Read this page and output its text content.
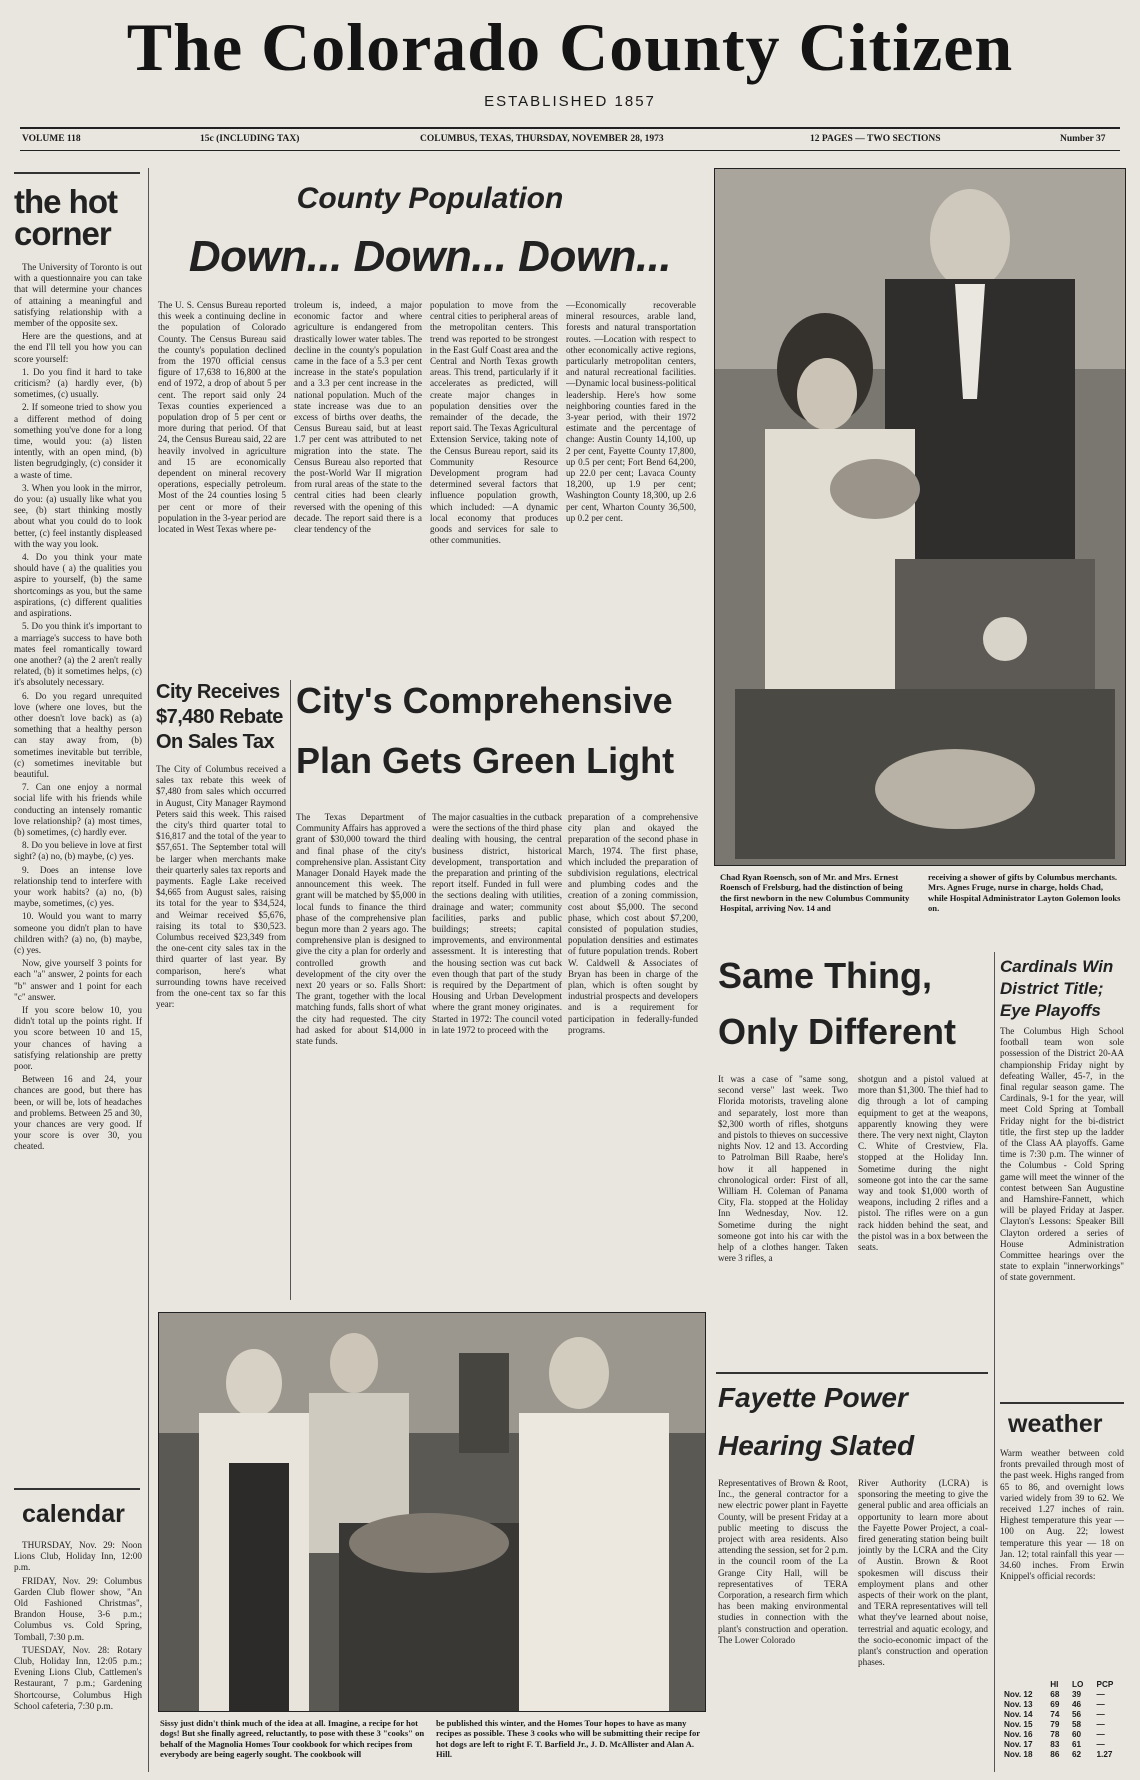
The Colorado County Citizen
ESTABLISHED 1857
VOLUME 118	15c (INCLUDING TAX)	COLUMBUS, TEXAS, THURSDAY, NOVEMBER 28, 1973	12 PAGES — TWO SECTIONS	Number 37
the hot corner

The University of Toronto is out with a questionnaire you can take that will determine your chances of attaining a meaningful and satisfying relationship with a member of the opposite sex.

Here are the questions, and at the end I'll tell you how you can score yourself:

1. Do you find it hard to take criticism? (a) hardly ever, (b) sometimes, (c) usually.

2. If someone tried to show you a different method of doing something you've done for a long time, would you: (a) listen intently, with an open mind, (b) listen begrudgingly, (c) consider it a waste of time.

3. When you look in the mirror, do you: (a) usually like what you see, (b) start thinking mostly about what you could do to look better, (c) feel instantly displeased with the way you look.

4. Do you think your mate should have ( a) the qualities you aspire to yourself, (b) the same shortcomings as you, but the same aspirations, (c) different qualities and aspirations.

5. Do you think it's important to a marriage's success to have both mates feel romantically toward one another? (a) the 2 aren't really related, (b) it sometimes helps, (c) it's absolutely necessary.

6. Do you regard unrequited love (where one loves, but the other doesn't love back) as (a) something that a healthy person can stay away from, (b) sometimes inevitable but terrible, (c) sometimes inevitable but beautiful.

7. Can one enjoy a normal social life with his friends while conducting an intensely romantic love relationship? (a) most times, (b) sometimes, (c) hardly ever.

8. Do you believe in love at first sight? (a) no, (b) maybe, (c) yes.

9. Does an intense love relationship tend to interfere with your work habits? (a) no, (b) maybe, sometimes, (c) yes.

10. Would you want to marry someone you didn't plan to have children with? (a) no, (b) maybe, (c) yes.

Now, give yourself 3 points for each "a" answer, 2 points for each "b" answer and 1 point for each "c" answer.

If you score below 10, you didn't total up the points right. If you score between 10 and 15, your chances of having a satisfying relationship are pretty poor.

Between 16 and 24, your chances are good, but there has been, or will be, lots of headaches and problems. Between 25 and 30, your chances are very good. If your score is over 30, you cheated.

calendar

THURSDAY, Nov. 29: Noon Lions Club, Holiday Inn, 12:00 p.m.

FRIDAY, Nov. 29: Columbus Garden Club flower show, "An Old Fashioned Christmas", Brandon House, 3-6 p.m.; Columbus vs. Cold Spring, Tomball, 7:30 p.m.

TUESDAY, Nov. 28: Rotary Club, Holiday Inn, 12:05 p.m.; Evening Lions Club, Cattlemen's Restaurant, 7 p.m.; Gardening Shortcourse, Columbus High School cafeteria, 7:30 p.m.

County Population
Down... Down... Down...
The U. S. Census Bureau reported this week a continuing decline in the population of Colorado County. The Census Bureau said the county's population declined from the 1970 official census figure of 17,638 to 16,800 at the end of 1972, a drop of about 5 per cent. The report said only 24 Texas counties experienced a population drop of 5 per cent or more during that period. Of that 24, the Census Bureau said, 22 are heavily involved in agriculture and 15 are economically dependent on mineral recovery operations, especially petroleum. Most of the 24 counties losing 5 per cent or more of their population in the 3-year period are located in West Texas where pe-
troleum is, indeed, a major economic factor and where agriculture is endangered from drastically lower water tables. The decline in the county's population came in the face of a 5.3 per cent increase in the state's population and a 3.3 per cent increase in the national population. Much of the state increase was due to an excess of births over deaths, the Census Bureau said, but at least 1.7 per cent was attributed to net migration into the state. The Census Bureau also reported that the post-World War II migration from rural areas of the state to the central cities had been clearly reversed with the opening of this decade. The report said there is a clear tendency of the
population to move from the central cities to peripheral areas of the metropolitan centers. This trend was reported to be strongest in the East Gulf Coast area and the Central and North Texas growth areas. This trend, particularly if it accelerates as predicted, will create major changes in population densities over the remainder of the decade, the report said. The Texas Agricultural Extension Service, taking note of the Census Bureau report, said its Community Resource Development program had determined several factors that influence population growth, which included: —A dynamic local economy that produces goods and services for sale to other communities.
—Economically recoverable mineral resources, arable land, forests and natural transportation routes. —Location with respect to other economically active regions, particularly metropolitan centers, and natural recreational facilities. —Dynamic local business-political leadership. Here's how some neighboring counties fared in the 3-year period, with their 1972 estimate and the percentage of change: Austin County 14,100, up 2 per cent, Fayette County 17,800, up 0.5 per cent; Fort Bend 64,200, up 22.0 per cent; Lavaca County 18,200, up 1.9 per cent; Washington County 18,300, up 2.6 per cent, Wharton County 36,500, up 0.2 per cent.
City Receives $7,480 Rebate On Sales Tax
The City of Columbus received a sales tax rebate this week of $7,480 from sales which occurred in August, City Manager Raymond Peters said this week. This raised the city's third quarter total to $16,817 and the total of the year to $57,651. The September total will be larger when merchants make their quarterly sales tax reports and payments. Eagle Lake received $4,665 from August sales, raising its total for the year to $34,524, and Weimar received $5,676, raising its total to $30,523. Columbus received $23,349 from the one-cent city sales tax in the third quarter of last year. By comparison, here's what surrounding towns have received from the one-cent tax so far this year:
City's Comprehensive
Plan Gets Green Light
The Texas Department of Community Affairs has approved a grant of $30,000 toward the third and final phase of the city's comprehensive plan. Assistant City Manager Donald Hayek made the announcement this week. The grant will be matched by $5,000 in local funds to finance the third phase of the comprehensive plan begun more than 2 years ago. The comprehensive plan is designed to give the city a plan for orderly and controlled growth and development of the city over the next 20 years or so. Falls Short: The grant, together with the local matching funds, falls short of what the city had requested. The city had asked for about $14,000 in state funds.
The major casualties in the cutback were the sections of the third phase dealing with housing, the central business district, historical development, transportation and the preparation and printing of the report itself. Funded in full were the sections dealing with utilities, drainage and water; community facilities, parks and public buildings; streets; capital improvements, and environmental assessment. It is interesting that the housing section was cut back even though that part of the study is required by the Department of Housing and Urban Development where the grant money originates. Started in 1972: The council voted in late 1972 to proceed with the
preparation of a comprehensive city plan and okayed the preparation of the second phase in March, 1974. The first phase, which included the preparation of subdivision regulations, electrical and plumbing codes and the creation of a zoning commission, cost about $5,000. The second phase, which cost about $7,200, consisted of population studies, population densities and estimates of future population trends. Robert W. Caldwell & Associates of Bryan has been in charge of the plan, which is often sought by industrial prospects and developers and is a requirement for participation in federally-funded programs.
Chad Ryan Roensch, son of Mr. and Mrs. Ernest Roensch of Frelsburg, had the distinction of being the first newborn in the new Columbus Community Hospital, arriving Nov. 14 and
receiving a shower of gifts by Columbus merchants. Mrs. Agnes Fruge, nurse in charge, holds Chad, while Hospital Administrator Layton Golemon looks on.
Same Thing,
Only Different
It was a case of "same song, second verse" last week. Two Florida motorists, traveling alone and separately, lost more than $2,300 worth of rifles, shotguns and pistols to thieves on successive nights Nov. 12 and 13. According to Patrolman Bill Raabe, here's how it all happened in chronological order: First of all, William H. Coleman of Panama City, Fla. stopped at the Holiday Inn Wednesday, Nov. 12. Sometime during the night someone got into his car with the help of a clothes hanger. Taken were 3 rifles, a
shotgun and a pistol valued at more than $1,300. The thief had to dig through a lot of camping equipment to get at the weapons, apparently knowing they were there. The very next night, Clayton C. White of Crestview, Fla. stopped at the Holiday Inn. Sometime during the night someone got into the car the same way and took $1,000 worth of weapons, including 2 rifles and a pistol. The rifles were on a gun rack hidden behind the seat, and the pistol was in a box between the seats.
Cardinals Win District Title; Eye Playoffs
The Columbus High School football team won sole possession of the District 20-AA championship Friday night by defeating Waller, 45-7, in the final regular season game. The Cardinals, 9-1 for the year, will meet Cold Spring at Tomball Friday night for the bi-district title, the first step up the ladder of the Class AA playoffs. Game time is 7:30 p.m. The winner of the Columbus - Cold Spring game will meet the winner of the contest between San Augustine and Hamshire-Fannett, which will be played Friday at Jasper. Clayton's Lessons: Speaker Bill Clayton ordered a series of House Administration Committee hearings over the state to explain "innerworkings" of state government.
Fayette Power
Hearing Slated
Representatives of Brown & Root, Inc., the general contractor for a new electric power plant in Fayette County, will be present Friday at a public meeting to discuss the project with area residents. Also attending the session, set for 2 p.m. in the council room of the La Grange City Hall, will be representatives of TERA Corporation, a research firm which has been making environmental studies in connection with the plant's construction and operation. The Lower Colorado
River Authority (LCRA) is sponsoring the meeting to give the general public and area officials an opportunity to learn more about the Fayette Power Project, a coal-fired generating station being built jointly by the LCRA and the City of Austin. Brown & Root spokesmen will discuss their employment plans and other aspects of their work on the plant, and TERA representatives will tell what they've learned about noise, terrestrial and aquatic ecology, and the socio-economic impact of the plant's construction and operation phases.
weather
Warm weather between cold fronts prevailed through most of the past week. Highs ranged from 65 to 86, and overnight lows varied widely from 39 to 62. We received 1.27 inches of rain. Highest temperature this year — 100 on Aug. 22; lowest temperature this year — 18 on Jan. 12; total rainfall this year — 34.60 inches. From Erwin Knippel's official records:
	HI	LO	PCP
Nov. 12	68	39	—
Nov. 13	69	46	—
Nov. 14	74	56	—
Nov. 15	79	58	—
Nov. 16	78	60	—
Nov. 17	83	61	—
Nov. 18	86	62	1.27
Sissy just didn't think much of the idea at all. Imagine, a recipe for hot dogs! But she finally agreed, reluctantly, to pose with these 3 "cooks" on behalf of the Magnolia Homes Tour cookbook for which recipes from everybody are being eagerly sought. The cookbook will
be published this winter, and the Homes Tour hopes to have as many recipes as possible. These 3 cooks who will be submitting their recipe for hot dogs are left to right F. T. Barfield Jr., J. D. McAllister and Alan A. Hill.
